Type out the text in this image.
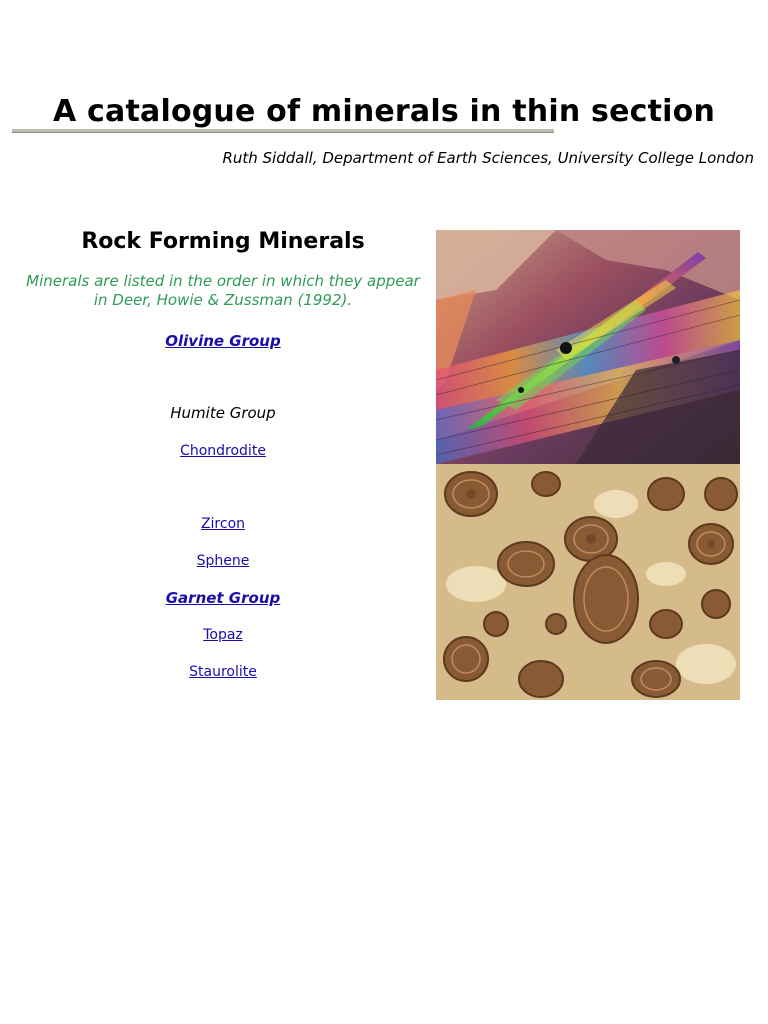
A catalogue of minerals in thin section
Ruth Siddall, Department of Earth Sciences, University College London
Rock Forming Minerals

Minerals are listed in the order in which they appear in Deer, Howie & Zussman (1992).

Olivine Group
Humite Group
Chondrodite
Zircon
Sphene
Garnet Group
Topaz
Staurolite
